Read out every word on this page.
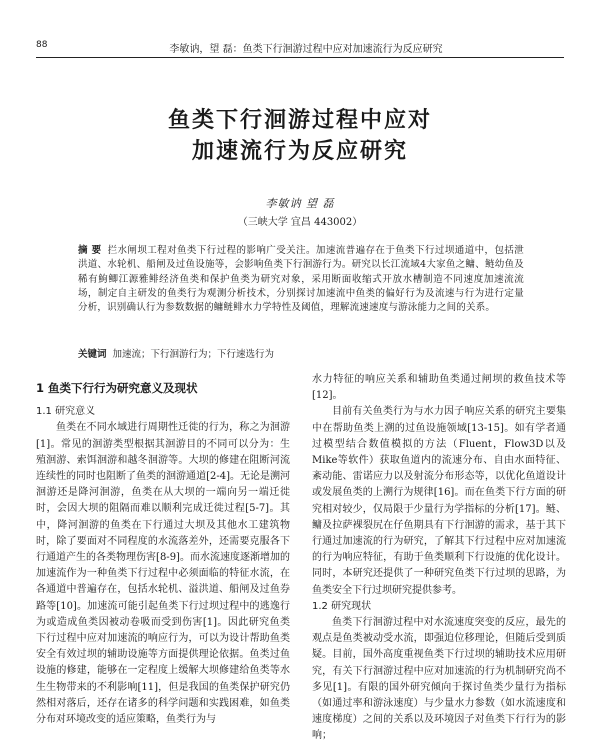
88	李敏讷，望 磊：鱼类下行洄游过程中应对加速流行为反应研究
鱼类下行洄游过程中应对
加速流行为反应研究
李敏讷 望 磊
（三峡大学 宜昌 443002）
摘 要 拦水闸坝工程对鱼类下行过程的影响广受关注。加速流普遍存在于鱼类下行过坝通道中，包括泄洪道、水轮机、船闸及过鱼设施等，会影响鱼类下行洄游行为。研究以长江流域4大家鱼之鳙、鲢幼鱼及稀有鮈鲫江源雅鲱经济鱼类和保护鱼类为研究对象，采用断面收缩式开放水槽制造不同速度加速流流场，制定自主研发的鱼类行为观测分析技术，分别探讨加速流中鱼类的偏好行为及流速与行为进行定量分析，识别确认行为参数数据的鳙鲢鲱水力学特性及阈值，理解流速速度与游泳能力之间的关系。
关键词 加速流；下行洄游行为；下行速选行为
1 鱼类下行行为研究意义及现状
1.1 研究意义

鱼类在不同水域进行周期性迁徙的行为，称之为洄游[1]。常见的洄游类型根据其洄游目的不同可以分为：生殖洄游、索饵洄游和越冬洄游等。大坝的修建在阻断河流连续性的同时也阻断了鱼类的洄游通道[2-4]。无论是溯河洄游还是降河洄游，鱼类在从大坝的一端向另一端迁徙时，会因大坝的阻隔而难以顺利完成迁徙过程[5-7]。其中，降河洄游的鱼类在下行通过大坝及其他水工建筑物时，除了要面对不同程度的水流落差外，还需要克服各下行通道产生的各类物理伤害[8-9]。而水流速度逐渐增加的加速流作为一种鱼类下行过程中必须面临的特征水流，在各通道中普遍存在，包括水轮机、溢洪道、船闸及过鱼券路等[10]。加速流可能引起鱼类下行过坝过程中的逃逸行为或造成鱼类因被动卷吸而受到伤害[1]。因此研究鱼类下行过程中应对加速流的响应行为，可以为设计帮助鱼类安全有效过坝的辅助设施等方面提供理论依据。鱼类过鱼设施的修建，能够在一定程度上缓解大坝修建给鱼类等水生生物带来的不利影响[11]，但是我国的鱼类保护研究仍然相对落后，还存在诸多的科学问题和实践困难，如鱼类分布对环境改变的适应策略，鱼类行为与

水力特征的响应关系和辅助鱼类通过闸坝的救鱼技术等[12]。

目前有关鱼类行为与水力因子响应关系的研究主要集中在帮助鱼类上溯的过鱼设施领域[13-15]。如有学者通过模型结合数值模拟的方法（Fluent，Flow3D以及Mike等软件）获取鱼道内的流速分布、自由水面特征、紊动能、雷诺应力以及射流分布形态等，以优化鱼道设计或发展鱼类的上溯行为规律[16]。而在鱼类下行方面的研究相对较少，仅局限于少量行为学指标的分析[17]。鲢、鳙及拉萨裸裂尻在仔鱼期具有下行洄游的需求，基于其下行通过加速流的行为研究，了解其下行过程中应对加速流的行为响应特征，有助于鱼类顺利下行设施的优化设计。同时，本研究还提供了一种研究鱼类下行过坝的思路，为鱼类安全下行过坝研究提供参考。

1.2 研究现状

鱼类下行洄游过程中对水流速度突变的反应，最先的观点是鱼类被动受水流，即强迫位移理论，但随后受到质疑。目前，国外高度重视鱼类下行过坝的辅助技术应用研究，有关下行洄游过程中应对加速流的行为机制研究尚不多见[1]。有限的国外研究倾向于探讨鱼类少量行为指标（如通过率和游泳速度）与少量水力参数（如水流速度和速度梯度）之间的关系以及环境因子对鱼类下行行为的影响；
